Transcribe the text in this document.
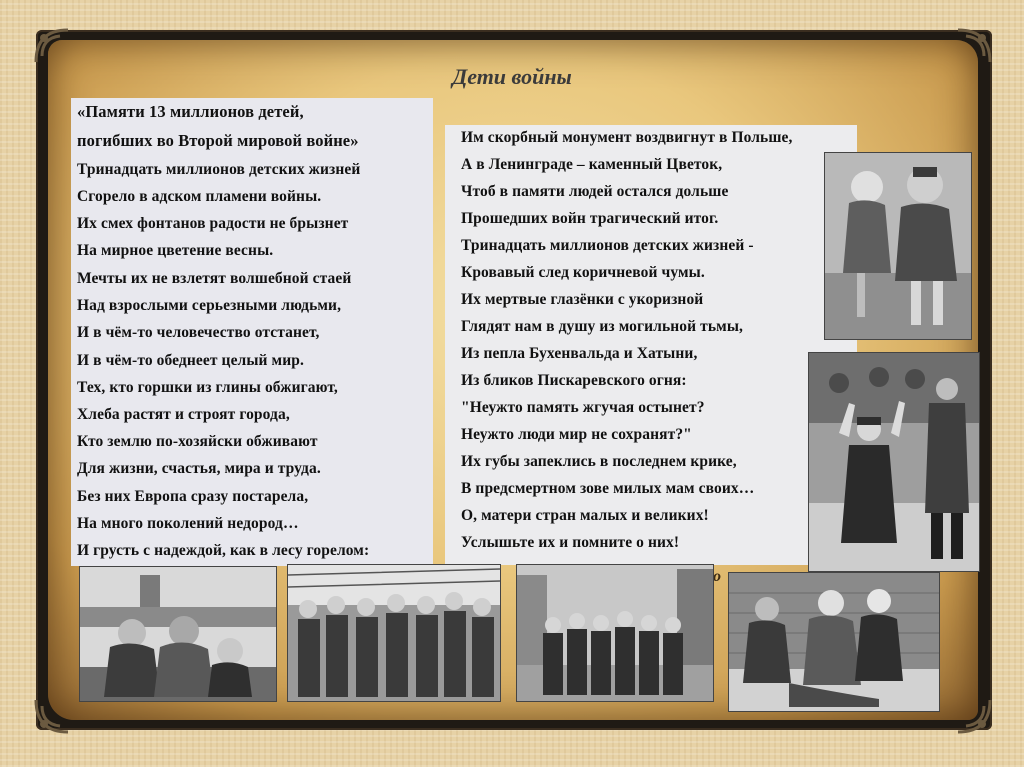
Дети войны
«Памяти 13 миллионов детей,
погибших во Второй мировой войне»
Тринадцать миллионов детских жизней
Сгорело в адском пламени войны.
Их смех фонтанов радости не брызнет
На мирное цветение весны.
Мечты их не взлетят волшебной стаей
Над взрослыми серьезными людьми,
И в чём-то человечество отстанет,
И в чём-то обеднеет целый мир.
Тех, кто горшки из глины обжигают,
Хлеба растят и строят города,
Кто землю по-хозяйски обживают
Для жизни, счастья, мира и труда.
Без них Европа сразу постарела,
На много поколений недород…
И грусть с надеждой, как в лесу горелом:
Им скорбный монумент воздвигнут в Польше,
А в Ленинграде – каменный Цветок,
Чтоб в памяти людей остался дольше
Прошедших войн трагический итог.
Тринадцать миллионов детских жизней -
Кровавый след коричневой чумы.
Их мертвые глазёнки с укоризной
Глядят нам в душу из могильной тьмы,
Из пепла Бухенвальда и Хатыни,
Из бликов Пискаревского огня:
"Неужто память жгучая остынет?
Неужто люди мир не сохранят?"
Их губы запеклись в последнем крике,
В предсмертном зове милых мам своих…
О, матери стран малых и великих!
Услышьте их и помните о них!
о
